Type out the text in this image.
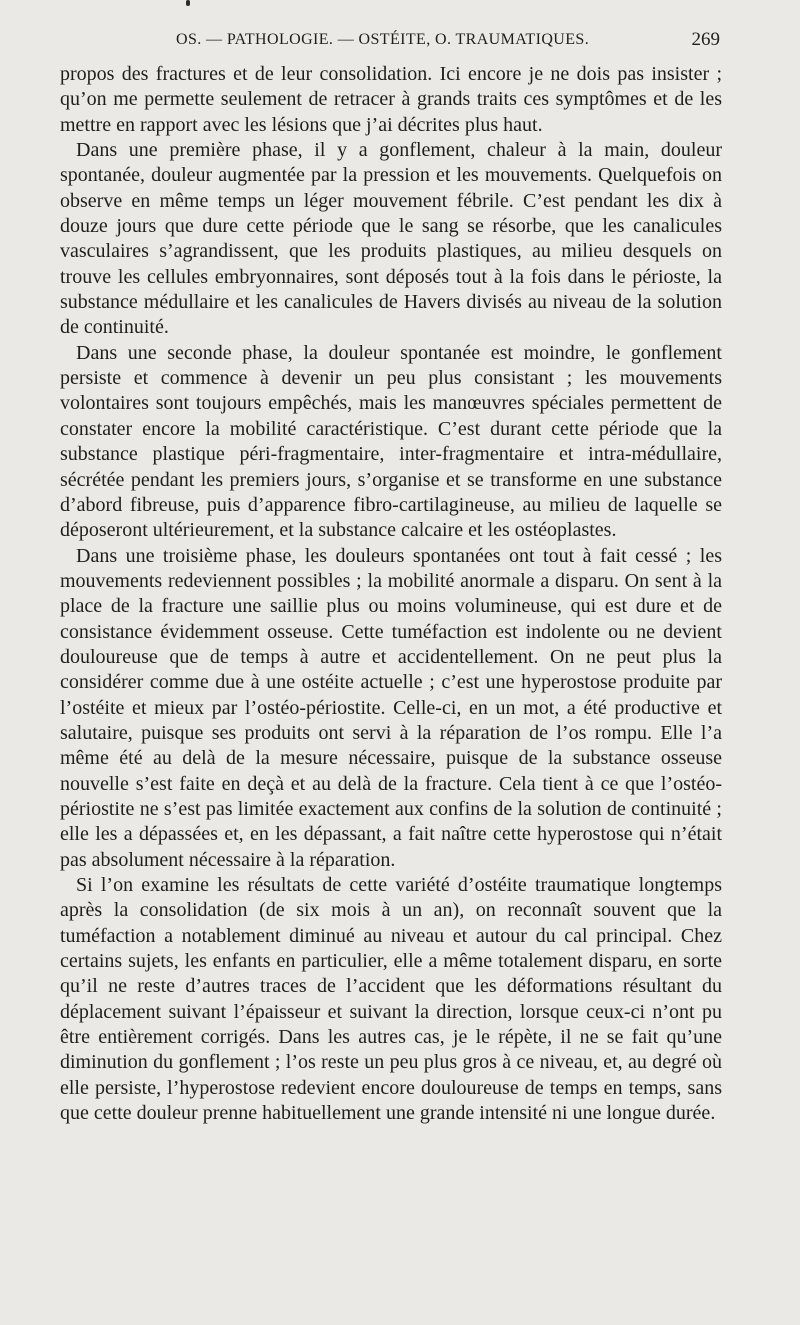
OS. — PATHOLOGIE. — OSTÉITE, O. TRAUMATIQUES.	269

propos des fractures et de leur consolidation. Ici encore je ne dois pas insister ; qu’on me permette seulement de retracer à grands traits ces symptômes et de les mettre en rapport avec les lésions que j’ai décrites plus haut.

Dans une première phase, il y a gonflement, chaleur à la main, douleur spontanée, douleur augmentée par la pression et les mouvements. Quelquefois on observe en même temps un léger mouvement fébrile. C’est pendant les dix à douze jours que dure cette période que le sang se résorbe, que les canalicules vasculaires s’agrandissent, que les produits plastiques, au milieu desquels on trouve les cellules embryonnaires, sont déposés tout à la fois dans le périoste, la substance médullaire et les canalicules de Havers divisés au niveau de la solution de continuité.

Dans une seconde phase, la douleur spontanée est moindre, le gonflement persiste et commence à devenir un peu plus consistant ; les mouvements volontaires sont toujours empêchés, mais les manœuvres spéciales permettent de constater encore la mobilité caractéristique. C’est durant cette période que la substance plastique péri-fragmentaire, inter-fragmentaire et intra-médullaire, sécrétée pendant les premiers jours, s’organise et se transforme en une substance d’abord fibreuse, puis d’apparence fibro-cartilagineuse, au milieu de laquelle se déposeront ultérieurement, et la substance calcaire et les ostéoplastes.

Dans une troisième phase, les douleurs spontanées ont tout à fait cessé ; les mouvements redeviennent possibles ; la mobilité anormale a disparu. On sent à la place de la fracture une saillie plus ou moins volumineuse, qui est dure et de consistance évidemment osseuse. Cette tuméfaction est indolente ou ne devient douloureuse que de temps à autre et accidentellement. On ne peut plus la considérer comme due à une ostéite actuelle ; c’est une hyperostose produite par l’ostéite et mieux par l’ostéo-périostite. Celle-ci, en un mot, a été productive et salutaire, puisque ses produits ont servi à la réparation de l’os rompu. Elle l’a même été au delà de la mesure nécessaire, puisque de la substance osseuse nouvelle s’est faite en deçà et au delà de la fracture. Cela tient à ce que l’ostéo-périostite ne s’est pas limitée exactement aux confins de la solution de continuité ; elle les a dépassées et, en les dépassant, a fait naître cette hyperostose qui n’était pas absolument nécessaire à la réparation.

Si l’on examine les résultats de cette variété d’ostéite traumatique longtemps après la consolidation (de six mois à un an), on reconnaît souvent que la tuméfaction a notablement diminué au niveau et autour du cal principal. Chez certains sujets, les enfants en particulier, elle a même totalement disparu, en sorte qu’il ne reste d’autres traces de l’accident que les déformations résultant du déplacement suivant l’épaisseur et suivant la direction, lorsque ceux-ci n’ont pu être entièrement corrigés. Dans les autres cas, je le répète, il ne se fait qu’une diminution du gonflement ; l’os reste un peu plus gros à ce niveau, et, au degré où elle persiste, l’hyperostose redevient encore douloureuse de temps en temps, sans que cette douleur prenne habituellement une grande intensité ni une longue durée.
